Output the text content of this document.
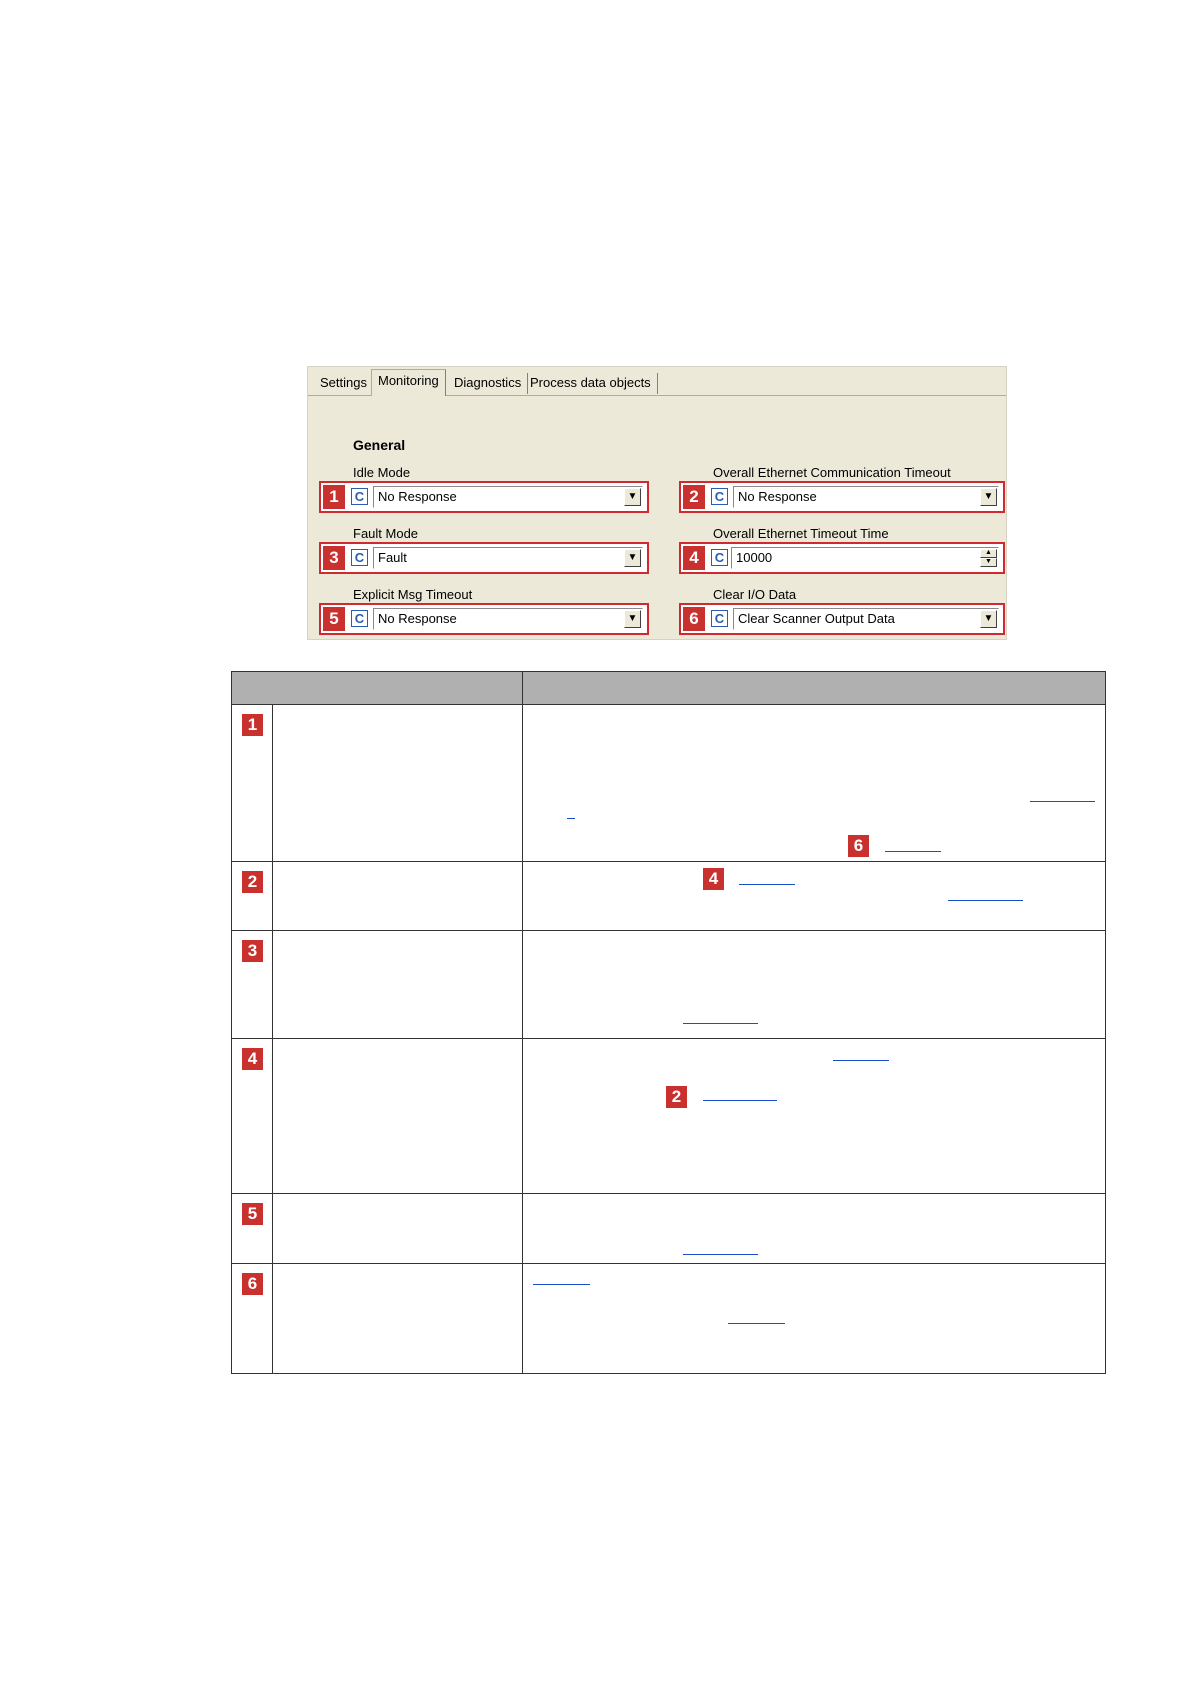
Settings Monitoring	Diagnostics Process data objects
General
Idle Mode
1	C No Response	▼
Overall Ethernet Communication Timeout
2	C No Response	▼
Fault Mode
3	C Fault	▼
Overall Ethernet Timeout Time
4	C 10000	▲
▼
Explicit Msg Timeout
5	C No Response	▼
Clear I/O Data
6	C Clear Scanner Output Data	▼

1		6

2		4

3		

4		2

5		

6		
